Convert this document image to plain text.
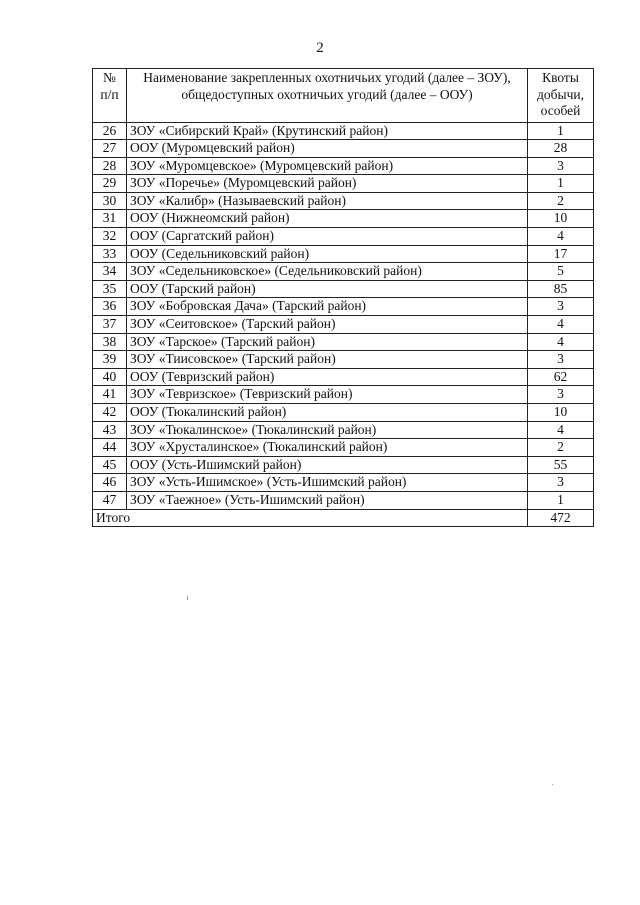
2
№ п/п	Наименование закрепленных охотничьих угодий (далее – ЗОУ), общедоступных охотничьих угодий (далее – ООУ)	Квоты добычи, особей
26	ЗОУ «Сибирский Край» (Крутинский район)	1
27	ООУ (Муромцевский район)	28
28	ЗОУ «Муромцевское» (Муромцевский район)	3
29	ЗОУ «Поречье» (Муромцевский район)	1
30	ЗОУ «Калибр» (Называевский район)	2
31	ООУ (Нижнеомский район)	10
32	ООУ (Саргатский район)	4
33	ООУ (Седельниковский район)	17
34	ЗОУ «Седельниковское» (Седельниковский район)	5
35	ООУ (Тарский район)	85
36	ЗОУ «Бобровская Дача» (Тарский район)	3
37	ЗОУ «Сеитовское» (Тарский район)	4
38	ЗОУ «Тарское» (Тарский район)	4
39	ЗОУ «Тиисовское» (Тарский район)	3
40	ООУ (Тевризский район)	62
41	ЗОУ «Тевризское» (Тевризский район)	3
42	ООУ (Тюкалинский район)	10
43	ЗОУ «Тюкалинское» (Тюкалинский район)	4
44	ЗОУ «Хрусталинское» (Тюкалинский район)	2
45	ООУ (Усть-Ишимский район)	55
46	ЗОУ «Усть-Ишимское» (Усть-Ишимский район)	3
47	ЗОУ «Таежное» (Усть-Ишимский район)	1
Итого		472
